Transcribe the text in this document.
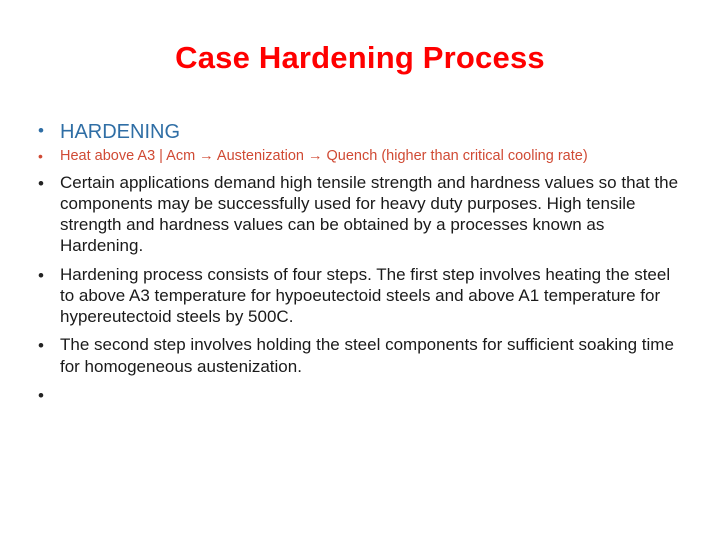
Case Hardening Process
• HARDENING
•	Heat above A3 | Acm → Austenization → Quench (higher than critical cooling rate)
• Certain applications demand high tensile strength and hardness values so that the components may be successfully used for heavy duty purposes. High tensile strength and hardness values can be obtained by a processes known as Hardening.
• Hardening process consists of four steps. The first step involves heating the steel to above A3 temperature for hypoeutectoid steels and above A1 temperature for hypereutectoid steels by 500C.
• The second step involves holding the steel components for sufficient soaking time for homogeneous austenization.
•
